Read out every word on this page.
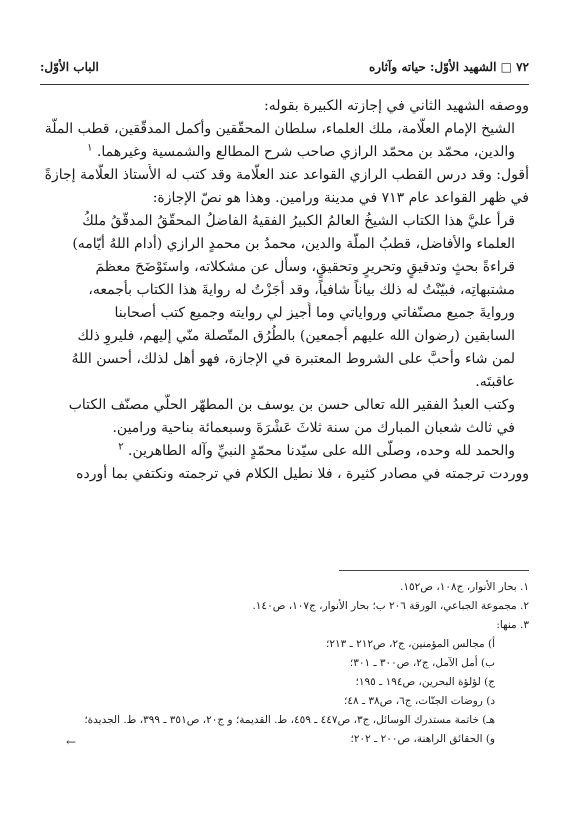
٧٢ □ الشهيد الأوّل: حياته وآثاره
الباب الأوّل:
ووصفه الشهيد الثاني في إجازته الكبيرة بقوله:
الشيخ الإمام العلّامة، ملك العلماء، سلطان المحقّقين وأكمل المدقّقين، قطب الملّة
والدين، محمّد بن محمّد الرازي صاحب شرح المطالع والشمسية وغيرهما. $^١$
أقول: وقد درس القطب الرازي القواعد عند العلّامة وقد كتب له الأُستاذ العلّامة إجازةً
في ظهر القواعد عام ٧١٣ في مدينة ورامين. وهذا هو نصّ الإجازة:
قرأ عليَّ هذا الكتاب الشيخُ العالمُ الكبيرُ الفقيهُ الفاضلُ المحقّقُ المدقّقُ ملكُ
العلماء والأفاضل، قطبُ الملّة والدين، محمدُ بن محمدٍ الرازي (أدام اللهُ أيّامه)
قراءةً بحثٍ وتدقيقٍ وتحريرٍ وتحقيقٍ، وسأل عن مشكلاته، واستَوْضَحَ معظمَ
مشتبهاتِه، فبيّنْتُ له ذلك بياناً شافياً، وقد أجَزْتُ له روايةَ هذا الكتاب بأجمعه،
وروايةَ جميع مصنّفاتي ورواياتي وما أُجيز لي روايته وجميع كتب أصحابنا
السابقين (رضوان الله عليهم أجمعين) بالطُرُق المتّصلة منّي إليهم، فليروِ ذلك
لمن شاء وأحبَّ على الشروط المعتبرة في الإجازة، فهو أهل لذلك، أحسن اللهُ
عاقبتَه.
وكتب العبدُ الفقير الله تعالى حسن بن يوسف بن المطهّر الحلّي مصنّف الكتاب
في ثالث شعبان المبارك من سنة ثلاثَ عَشْرَةَ وسبعمائة بناحية ورامين.
والحمد لله وحده، وصلّى الله على سيّدنا محمّدٍ النبيِّ وآله الطاهرين. $^٢$
ووردت ترجمته في مصادر كثيرة ، فلا نطيل الكلام في ترجمته ونكتفي بما أورده
١. بحار الأنوار، ج١٠٨، ص١٥٢.
٢. مجموعة الجباعي، الورقة ٢٠٦ ب؛ بحار الأنوار، ج١٠٧، ص١٤٠.
٣. منها:
أ) مجالس المؤمنين، ج٢، ص٢١٢ ـ ٢١٣؛
ب) أمل الآمل، ج٢، ص٣٠٠ ـ ٣٠١؛
ج) لؤلؤة البحرين، ص١٩٤ ـ ١٩٥؛
د) روضات الجنّات، ج٦، ص٣٨ ـ ٤٨؛
هـ) خاتمة مستدرك الوسائل، ج٣، ص٤٤٧ ـ ٤٥٩، ط. القديمة؛ و ج٢٠، ص٣٥١ ـ ٣٩٩، ط. الجديدة؛
و) الحقائق الراهنة، ص٢٠٠ ـ ٢٠٢؛
←
